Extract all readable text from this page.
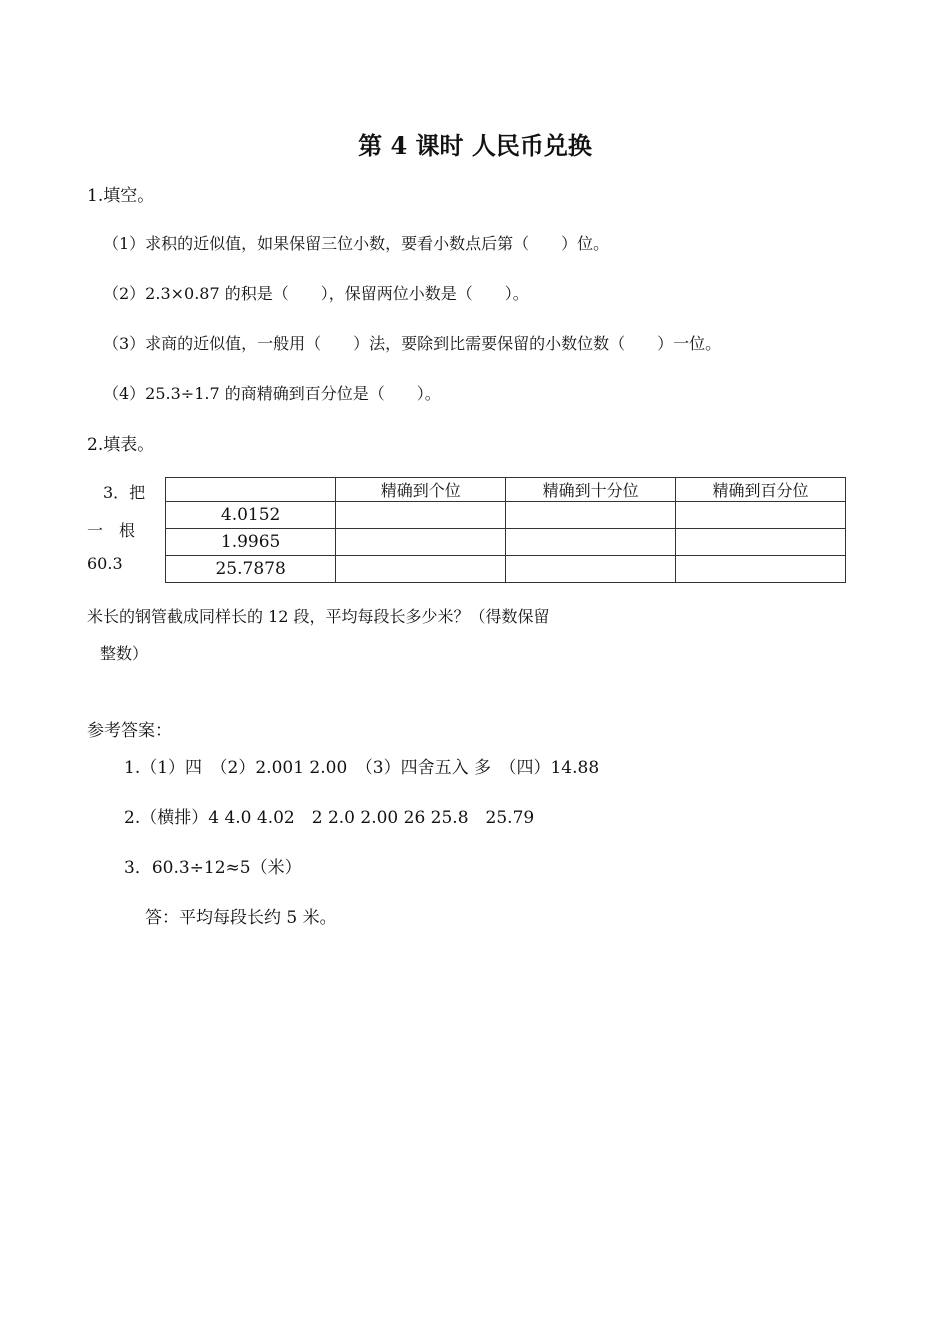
第 4 课时 人民币兑换
1.填空。
（1）求积的近似值，如果保留三位小数，要看小数点后第（　　）位。
（2）2.3×0.87 的积是（　　），保留两位小数是（　　）。
（3）求商的近似值，一般用（　　）法，要除到比需要保留的小数位数（　　）一位。
（4）25.3÷1.7 的商精确到百分位是（　　）。
2.填表。
3．把
一　根
60.3
	精确到个位	精确到十分位	精确到百分位
4.0152			
1.9965			
25.7878			
米长的钢管截成同样长的 12 段，平均每段长多少米？（得数保留
整数）
参考答案：
1.（1）四　（2）2.001 2.00　（3）四舍五入 多　（四）14.88
2.（横排）4 4.0 4.02　2 2.0 2.00 26 25.8　25.79
3．60.3÷12≈5（米）
答：平均每段长约 5 米。
